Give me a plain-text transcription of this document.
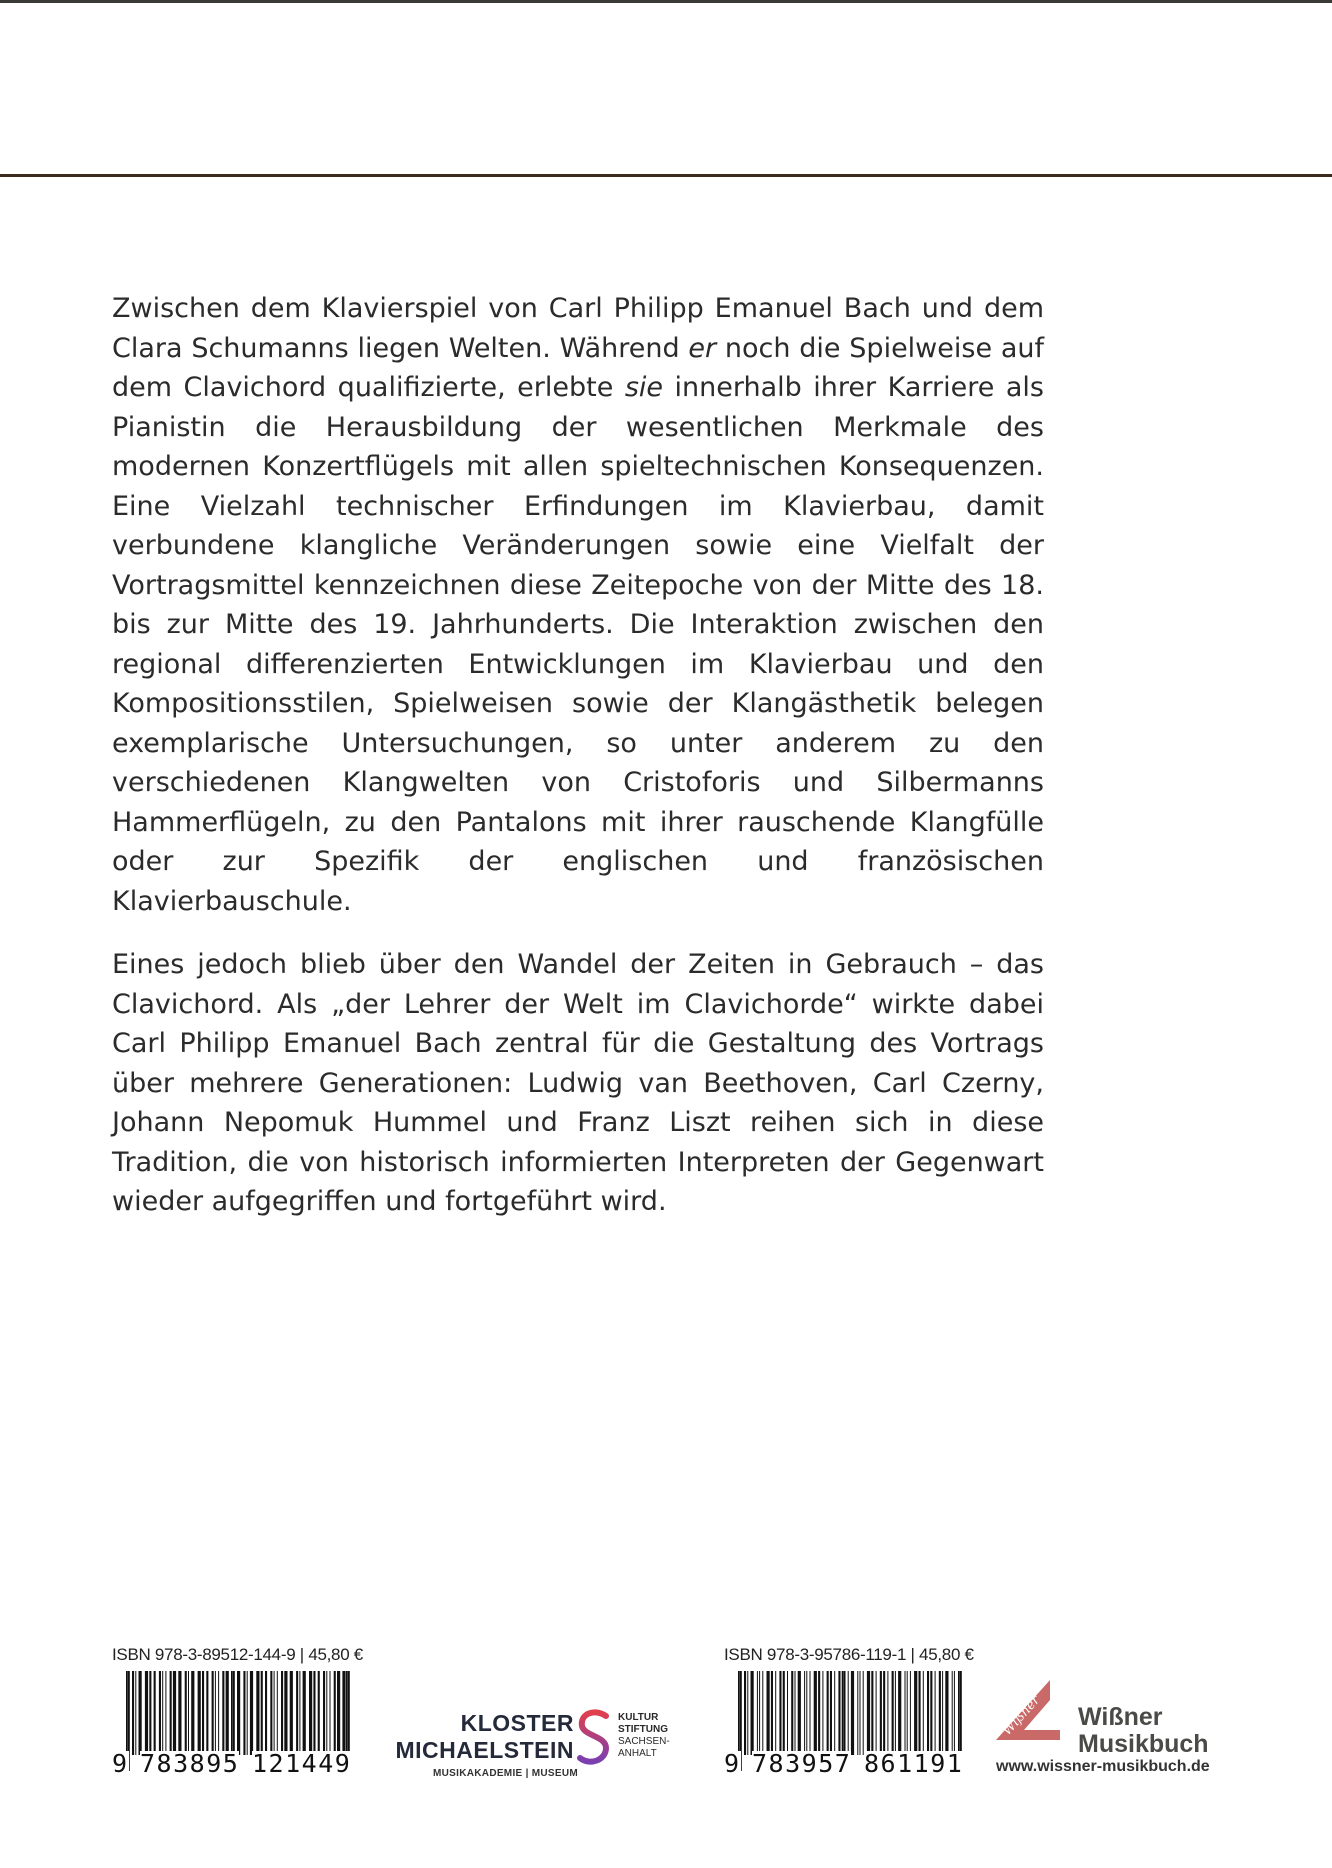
Zwischen dem Klavierspiel von Carl Philipp Emanuel Bach und dem Clara Schumanns liegen Welten. Während er noch die Spielweise auf dem Clavichord qualifizierte, erlebte sie innerhalb ihrer Karriere als Pianistin die Herausbildung der wesentlichen Merkmale des modernen Konzertflügels mit allen spieltechnischen Konsequenzen. Eine Vielzahl technischer Erfindungen im Klavierbau, damit verbundene klangliche Veränderungen sowie eine Vielfalt der Vortragsmittel kennzeichnen diese Zeitepoche von der Mitte des 18. bis zur Mitte des 19. Jahrhunderts. Die Interaktion zwischen den regional differenzierten Entwicklungen im Klavierbau und den Kompositionsstilen, Spielweisen sowie der Klangästhetik belegen exemplarische Untersuchungen, so unter anderem zu den verschiedenen Klangwelten von Cristoforis und Silbermanns Hammerflügeln, zu den Pantalons mit ihrer rauschende Klangfülle oder zur Spezifik der englischen und französischen Klavierbauschule.

Eines jedoch blieb über den Wandel der Zeiten in Gebrauch – das Clavichord. Als „der Lehrer der Welt im Clavichorde“ wirkte dabei Carl Philipp Emanuel Bach zentral für die Gestaltung des Vortrags über mehrere Generationen: Ludwig van Beethoven, Carl Czerny, Johann Nepomuk Hummel und Franz Liszt reihen sich in diese Tradition, die von historisch informierten Interpreten der Gegenwart wieder aufgegriffen und fortgeführt wird.

ISBN 978-3-89512-144-9 | 45,80 €
9 783895 121449
KLOSTER
MICHAELSTEIN
MUSIKAKADEMIE | MUSEUM
KULTUR
STIFTUNG
SACHSEN-
ANHALT
ISBN 978-3-95786-119-1 | 45,80 €
9 783957 861191
Wißner Wißner
Musikbuch
www.wissner-musikbuch.de
